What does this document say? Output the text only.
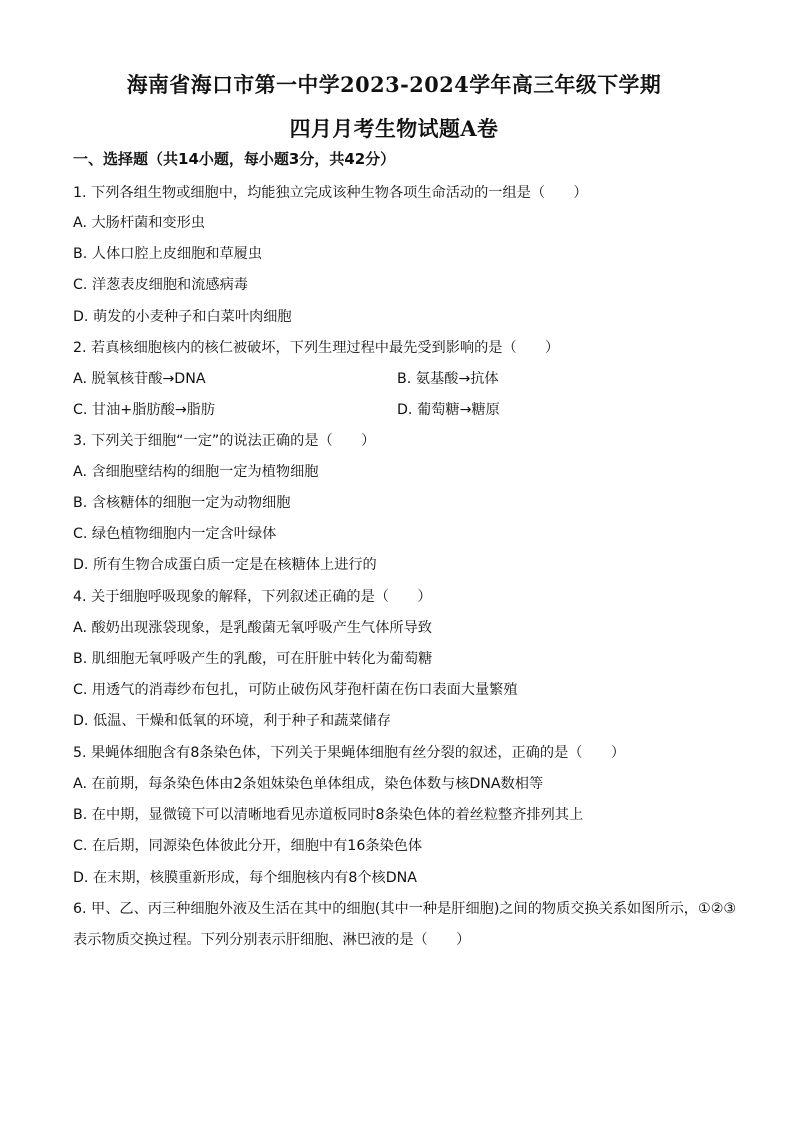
海南省海口市第一中学2023-2024学年高三年级下学期
四月月考生物试题A卷
一、选择题（共14小题，每小题3分，共42分）
1. 下列各组生物或细胞中，均能独立完成该种生物各项生命活动的一组是（　　）
A. 大肠杆菌和变形虫
B. 人体口腔上皮细胞和草履虫
C. 洋葱表皮细胞和流感病毒
D. 萌发的小麦种子和白菜叶肉细胞
2. 若真核细胞核内的核仁被破坏，下列生理过程中最先受到影响的是（　　）
A. 脱氧核苷酸→DNA	B. 氨基酸→抗体
C. 甘油+脂肪酸→脂肪	D. 葡萄糖→糖原
3. 下列关于细胞“一定”的说法正确的是（　　）
A. 含细胞壁结构的细胞一定为植物细胞
B. 含核糖体的细胞一定为动物细胞
C. 绿色植物细胞内一定含叶绿体
D. 所有生物合成蛋白质一定是在核糖体上进行的
4. 关于细胞呼吸现象的解释，下列叙述正确的是（　　）
A. 酸奶出现涨袋现象，是乳酸菌无氧呼吸产生气体所导致
B. 肌细胞无氧呼吸产生的乳酸，可在肝脏中转化为葡萄糖
C. 用透气的消毒纱布包扎，可防止破伤风芽孢杆菌在伤口表面大量繁殖
D. 低温、干燥和低氧的环境，利于种子和蔬菜储存
5. 果蝇体细胞含有8条染色体，下列关于果蝇体细胞有丝分裂的叙述，正确的是（　　）
A. 在前期，每条染色体由2条姐妹染色单体组成，染色体数与核DNA数相等
B. 在中期，显微镜下可以清晰地看见赤道板同时8条染色体的着丝粒整齐排列其上
C. 在后期，同源染色体彼此分开，细胞中有16条染色体
D. 在末期，核膜重新形成，每个细胞核内有8个核DNA
6. 甲、乙、丙三种细胞外液及生活在其中的细胞(其中一种是肝细胞)之间的物质交换关系如图所示，①②③
表示物质交换过程。下列分别表示肝细胞、淋巴液的是（　　）
